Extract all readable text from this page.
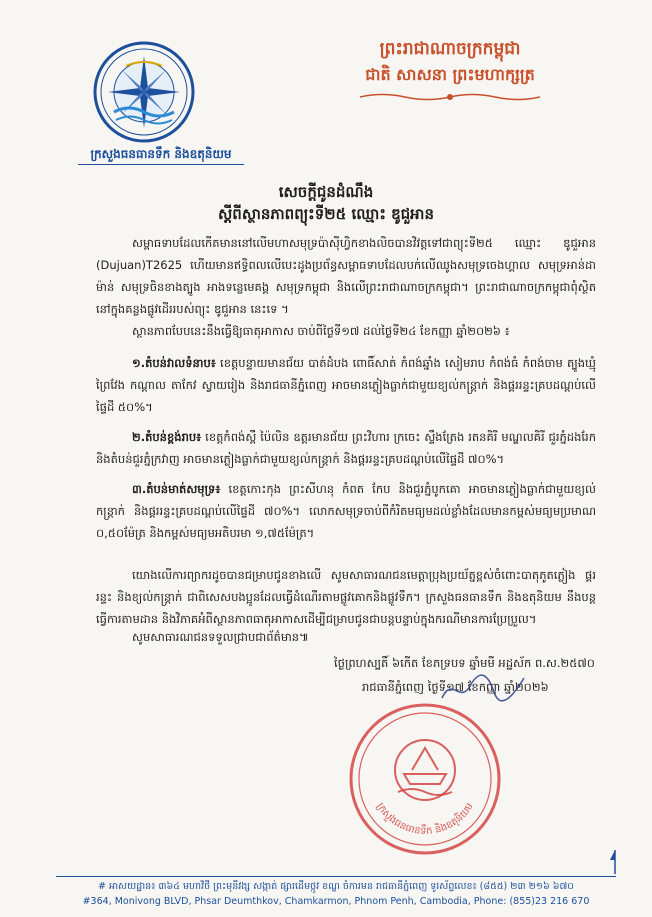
ក្រសួងធនធានទឹក និងឧតុនិយម
ព្រះរាជាណាចក្រកម្ពុជា
ជាតិ សាសនា ព្រះមហាក្សត្រ
សេចក្ដីជូនដំណឹង
ស្ដីពីស្ថានភាពព្យុះទី២៥ ឈ្មោះ ឌូជួអាន
សម្ពាធទាបដែលកើតមាននៅលើមហាសមុទ្រប៉ាស៊ីហ្វិកខាងលិចបានវិវត្តទៅជាព្យុះទី២៥ ឈ្មោះ ឌូជួអាន (Dujuan)T2625 ហើយមានឥទ្ធិពលលើបេះដូងប្រព័ន្ធសម្ពាធទាបដែលបក់លើឈូងសមុទ្រចេងហ្គាល សមុទ្រអាន់ដាម៉ាន់ សមុទ្រចិនខាងត្បូង អាងទន្លេមេគង្គ សមុទ្រកម្ពុជា និងលើព្រះរាជាណាចក្រកម្ពុជា។ ព្រះរាជាណាចក្រកម្ពុជាពុំស្ថិតនៅក្នុងគន្លងផ្លូវដើររបស់ព្យុះ ឌូជួអាន នេះទេ ។
ស្ថានភាពបែបនេះនឹងធ្វើឱ្យធាតុអាកាស ចាប់ពីថ្ងៃទី១៧ ដល់ថ្ងៃទី២៤ ខែកញ្ញា ឆ្នាំ២០២៦ ៖
១.តំបន់វាលទំនាប៖ ខេត្តបន្ទាយមានជ័យ បាត់ដំបង ពោធិ៍សាត់ កំពង់ឆ្នាំង សៀមរាប កំពង់ធំ កំពង់ចាម ត្បូងឃ្មុំ ព្រៃវែង កណ្ដាល តាកែវ ស្វាយរៀង និងរាជធានីភ្នំពេញ អាចមានភ្លៀងធ្លាក់ជាមួយខ្យល់កន្ត្រាក់ និងផ្គររន្ទះគ្របដណ្ដប់លើផ្ទៃដី ៥០%។
២.តំបន់ខ្ពង់រាប៖ ខេត្តកំពង់ស្ពឺ ប៉ៃលិន ឧត្ដរមានជ័យ ព្រះវិហារ ក្រចេះ ស្ទឹងត្រែង រតនគិរី មណ្ឌលគិរី ជួរភ្នំដងរែក និងតំបន់ជួរភ្នំក្រវាញ អាចមានភ្លៀងធ្លាក់ជាមួយខ្យល់កន្ត្រាក់ និងផ្គររន្ទះគ្របដណ្ដប់លើផ្ទៃដី ៧០%។
៣.តំបន់មាត់សមុទ្រ៖ ខេត្តកោះកុង ព្រះសីហនុ កំពត កែប និងជួរភ្នំបូកគោ អាចមានភ្លៀងធ្លាក់ជាមួយខ្យល់កន្ត្រាក់ និងផ្គររន្ទះគ្របដណ្ដប់លើផ្ទៃដី ៧០%។ លោកសមុទ្រចាប់ពីកំរិតមធ្យមដល់ខ្លាំងដែលមានកម្ពស់មធ្យមប្រមាណ ០,៥០ម៉ែត្រ និងកម្ពស់មធ្យមអតិបរមា ១,៧៥ម៉ែត្រ។
យោងលើការព្យាករដូចបានជម្រាបជូនខាងលើ សូមសាធារណជនមេត្តាប្រុងប្រយ័ត្នខ្ពស់ចំពោះបាតុភូតភ្លៀង ផ្គររន្ទះ និងខ្យល់កន្ត្រាក់ ជាពិសេសបងប្អូនដែលធ្វើដំណើរតាមផ្លូវគោកនិងផ្លូវទឹក។ ក្រសួងធនធានទឹក និងឧតុនិយម នឹងបន្តធ្វើការតាមដាន និងវិភាគអំពីស្ថានភាពធាតុអាកាសដើម្បីជម្រាបជូនជាបន្តបន្ទាប់ក្នុងករណីមានការប្រែប្រួល។
សូមសាធារណជនទទួលជ្រាបជាព័ត៌មាន៕
ថ្ងៃព្រហស្បតិ៍ ៦កើត ខែភទ្របទ ឆ្នាំមមី អដ្ឋស័ក ព.ស.២៥៧០
រាជធានីភ្នំពេញ ថ្ងៃទី១៧ ខែកញ្ញា ឆ្នាំ២០២៦
ក្រសួងធនធានទឹក និងឧតុនិយម
# អាសយដ្ឋាន៖ ៣៦៤ មហាវិថី ព្រះមុនីវង្ស សង្កាត់ ផ្សារដើមថ្កូវ ខណ្ឌ ចំការមន រាជធានីភ្នំពេញ ទូរស័ព្ទលេខ៖ (៨៥៥) ២៣ ២១៦ ៦៧០
#364, Monivong BLVD, Phsar Deumthkov, Chamkarmon, Phnom Penh, Cambodia, Phone: (855)23 216 670
